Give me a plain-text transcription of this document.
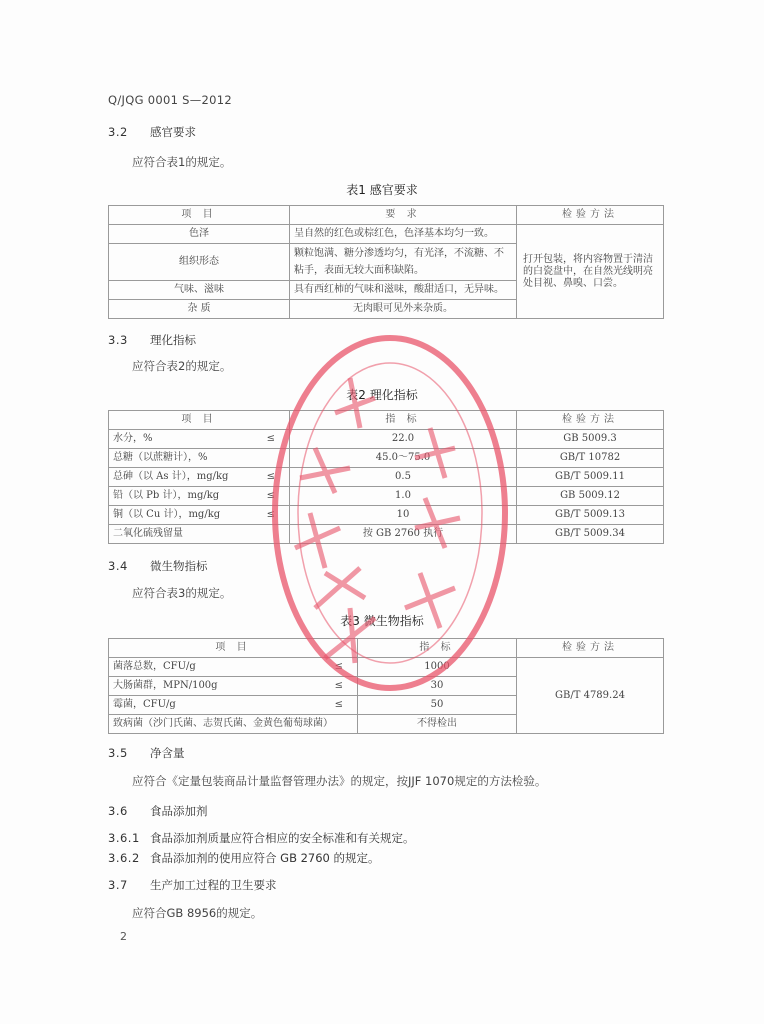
Q/JQG 0001 S—2012
3.2 感官要求
应符合表1的规定。
表1 感官要求
项 目	要 求	检验方法
色泽	呈自然的红色或棕红色，色泽基本均匀一致。	打开包装，将内容物置于清洁的白瓷盘中，在自然光线明亮处目视、鼻嗅、口尝。
组织形态	颗粒饱满、糖分渗透均匀，有光泽，不流糖、不粘手，表面无较大面积缺陷。	
气味、滋味	具有西红柿的气味和滋味，酸甜适口，无异味。	
杂 质	无肉眼可见外来杂质。	
3.3 理化指标
应符合表2的规定。
表2 理化指标
项 目	指 标	检验方法
水分，% ≤	22.0	GB 5009.3
总糖（以蔗糖计），%	45.0～75.0	GB/T 10782
总砷（以 As 计），mg/kg ≤	0.5	GB/T 5009.11
铅（以 Pb 计），mg/kg ≤	1.0	GB 5009.12
铜（以 Cu 计），mg/kg ≤	10	GB/T 5009.13
二氧化硫残留量	按 GB 2760 执行	GB/T 5009.34
3.4 微生物指标
应符合表3的规定。
表3 微生物指标
项 目	指 标	检验方法
菌落总数，CFU/g ≤	1000	GB/T 4789.24
大肠菌群，MPN/100g ≤	30	
霉菌，CFU/g ≤	50	
致病菌（沙门氏菌、志贺氏菌、金黄色葡萄球菌）	不得检出	
3.5 净含量
应符合《定量包装商品计量监督管理办法》的规定，按JJF 1070规定的方法检验。
3.6 食品添加剂
3.6.1 食品添加剂质量应符合相应的安全标准和有关规定。
3.6.2 食品添加剂的使用应符合 GB 2760 的规定。
3.7 生产加工过程的卫生要求
应符合GB 8956的规定。
2
